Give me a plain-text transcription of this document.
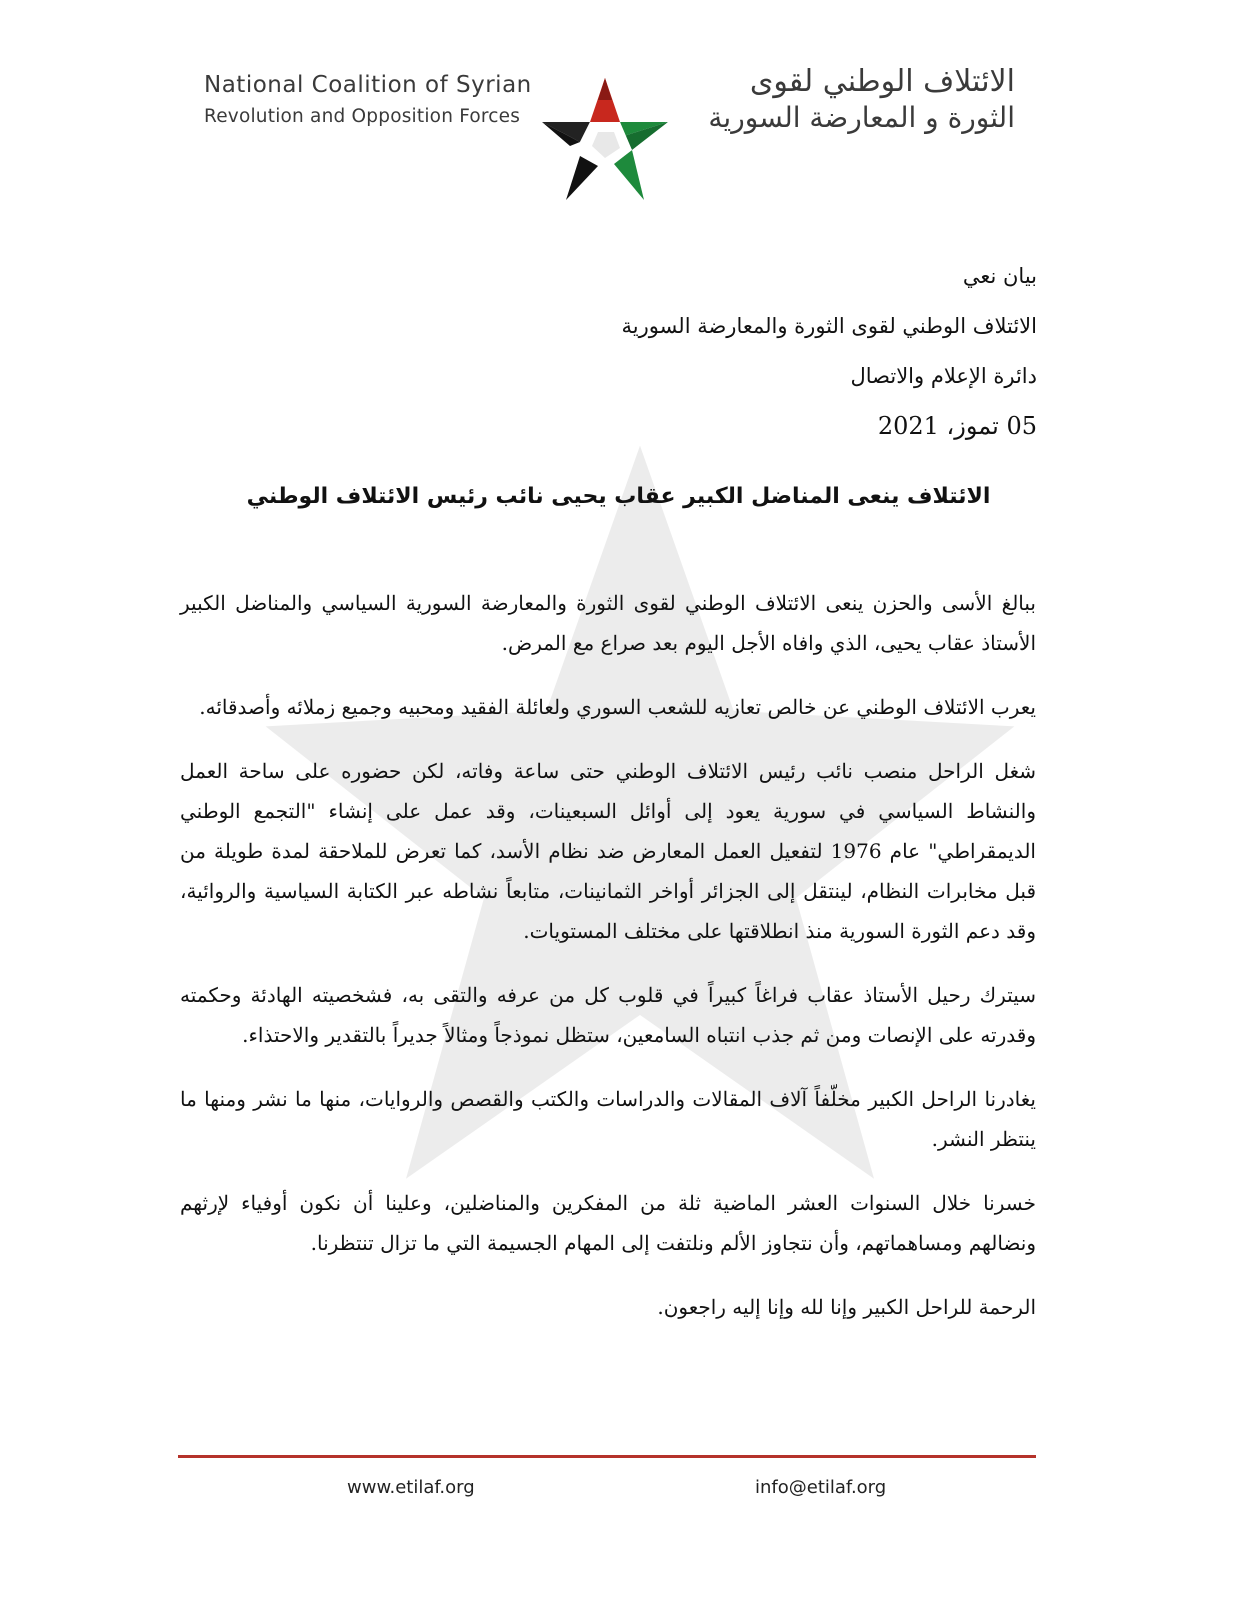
National Coalition of Syrian
Revolution and Opposition Forces
الائتلاف الوطني لقوى
الثورة و المعارضة السورية
بيان نعي
الائتلاف الوطني لقوى الثورة والمعارضة السورية
دائرة الإعلام والاتصال
05 تموز، 2021
الائتلاف ينعى المناضل الكبير عقاب يحيى نائب رئيس الائتلاف الوطني

ببالغ الأسى والحزن ينعى الائتلاف الوطني لقوى الثورة والمعارضة السورية السياسي والمناضل الكبير الأستاذ عقاب يحيى، الذي وافاه الأجل اليوم بعد صراع مع المرض.

يعرب الائتلاف الوطني عن خالص تعازيه للشعب السوري ولعائلة الفقيد ومحبيه وجميع زملائه وأصدقائه.

شغل الراحل منصب نائب رئيس الائتلاف الوطني حتى ساعة وفاته، لكن حضوره على ساحة العمل والنشاط السياسي في سورية يعود إلى أوائل السبعينات، وقد عمل على إنشاء "التجمع الوطني الديمقراطي" عام 1976 لتفعيل العمل المعارض ضد نظام الأسد، كما تعرض للملاحقة لمدة طويلة من قبل مخابرات النظام، لينتقل إلى الجزائر أواخر الثمانينات، متابعاً نشاطه عبر الكتابة السياسية والروائية، وقد دعم الثورة السورية منذ انطلاقتها على مختلف المستويات.

سيترك رحيل الأستاذ عقاب فراغاً كبيراً في قلوب كل من عرفه والتقى به، فشخصيته الهادئة وحكمته وقدرته على الإنصات ومن ثم جذب انتباه السامعين، ستظل نموذجاً ومثالاً جديراً بالتقدير والاحتذاء.

يغادرنا الراحل الكبير مخلّفاً آلاف المقالات والدراسات والكتب والقصص والروايات، منها ما نشر ومنها ما ينتظر النشر.

خسرنا خلال السنوات العشر الماضية ثلة من المفكرين والمناضلين، وعلينا أن نكون أوفياء لإرثهم ونضالهم ومساهماتهم، وأن نتجاوز الألم ونلتفت إلى المهام الجسيمة التي ما تزال تنتظرنا.

الرحمة للراحل الكبير وإنا لله وإنا إليه راجعون.

www.etilaf.org	info@etilaf.org
